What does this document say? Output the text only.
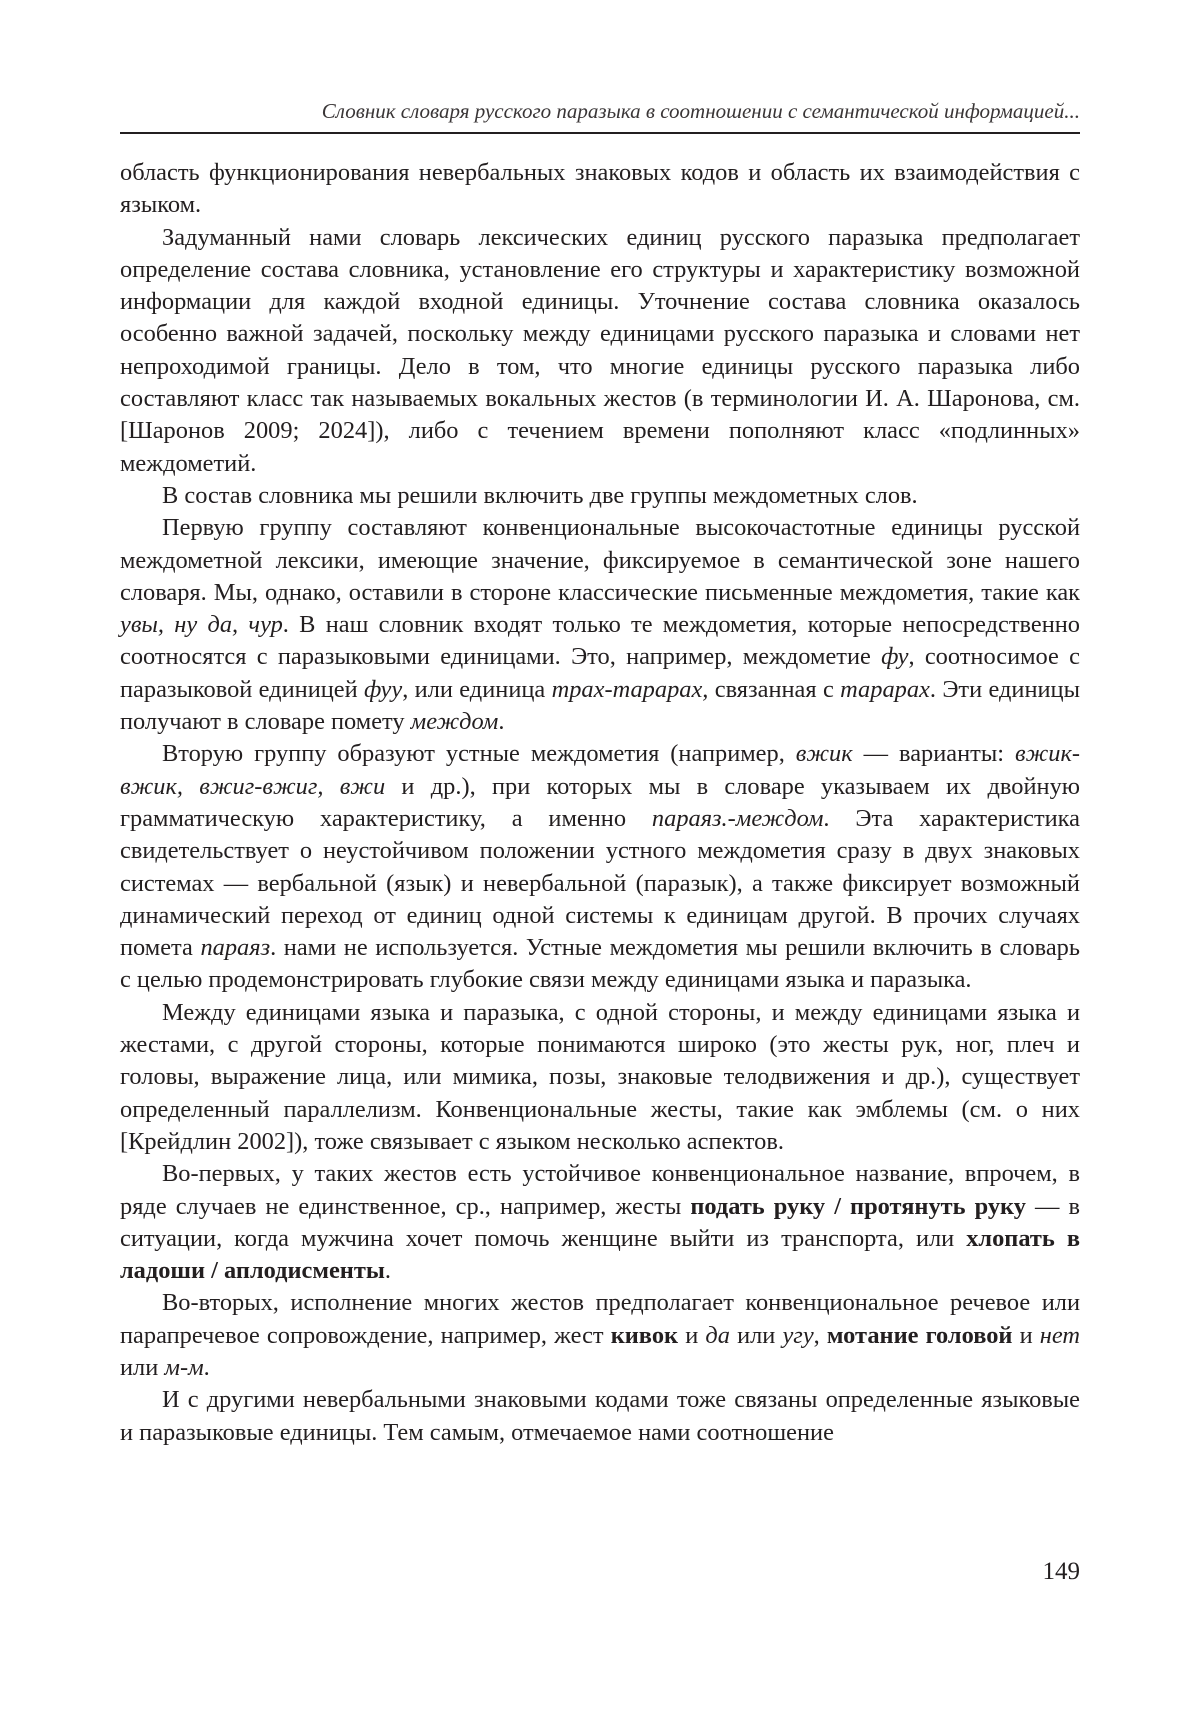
Словник словаря русского паразыка в соотношении с семантической информацией...

область функционирования невербальных знаковых кодов и область их взаимодействия с языком.

Задуманный нами словарь лексических единиц русского паразыка предполагает определение состава словника, установление его структуры и характеристику возможной информации для каждой входной единицы. Уточнение состава словника оказалось особенно важной задачей, поскольку между единицами русского паразыка и словами нет непроходимой границы. Дело в том, что многие единицы русского паразыка либо составляют класс так называемых вокальных жестов (в терминологии И. А. Шаронова, см. [Шаронов 2009; 2024]), либо с течением времени пополняют класс «подлинных» междометий.

В состав словника мы решили включить две группы междометных слов.

Первую группу составляют конвенциональные высокочастотные единицы русской междометной лексики, имеющие значение, фиксируемое в семантической зоне нашего словаря. Мы, однако, оставили в стороне классические письменные междометия, такие как увы, ну да, чур. В наш словник входят только те междометия, которые непосредственно соотносятся с паразыковыми единицами. Это, например, междометие фу, соотносимое с паразыковой единицей фуу, или единица трах-тарарах, связанная с тарарах. Эти единицы получают в словаре помету междом.

Вторую группу образуют устные междометия (например, вжик — варианты: вжик-вжик, вжиг-вжиг, вжи и др.), при которых мы в словаре указываем их двойную грамматическую характеристику, а именно параяз.-междом. Эта характеристика свидетельствует о неустойчивом положении устного междометия сразу в двух знаковых системах — вербальной (язык) и невербальной (паразык), а также фиксирует возможный динамический переход от единиц одной системы к единицам другой. В прочих случаях помета параяз. нами не используется. Устные междометия мы решили включить в словарь с целью продемонстрировать глубокие связи между единицами языка и паразыка.

Между единицами языка и паразыка, с одной стороны, и между единицами языка и жестами, с другой стороны, которые понимаются широко (это жесты рук, ног, плеч и головы, выражение лица, или мимика, позы, знаковые телодвижения и др.), существует определенный параллелизм. Конвенциональные жесты, такие как эмблемы (см. о них [Крейдлин 2002]), тоже связывает с языком несколько аспектов.

Во-первых, у таких жестов есть устойчивое конвенциональное название, впрочем, в ряде случаев не единственное, ср., например, жесты подать руку / протянуть руку — в ситуации, когда мужчина хочет помочь женщине выйти из транспорта, или хлопать в ладоши / аплодисменты.

Во-вторых, исполнение многих жестов предполагает конвенциональное речевое или парапречевое сопровождение, например, жест кивок и да или угу, мотание головой и нет или м-м.

И с другими невербальными знаковыми кодами тоже связаны определенные языковые и паразыковые единицы. Тем самым, отмечаемое нами соотношение

149
